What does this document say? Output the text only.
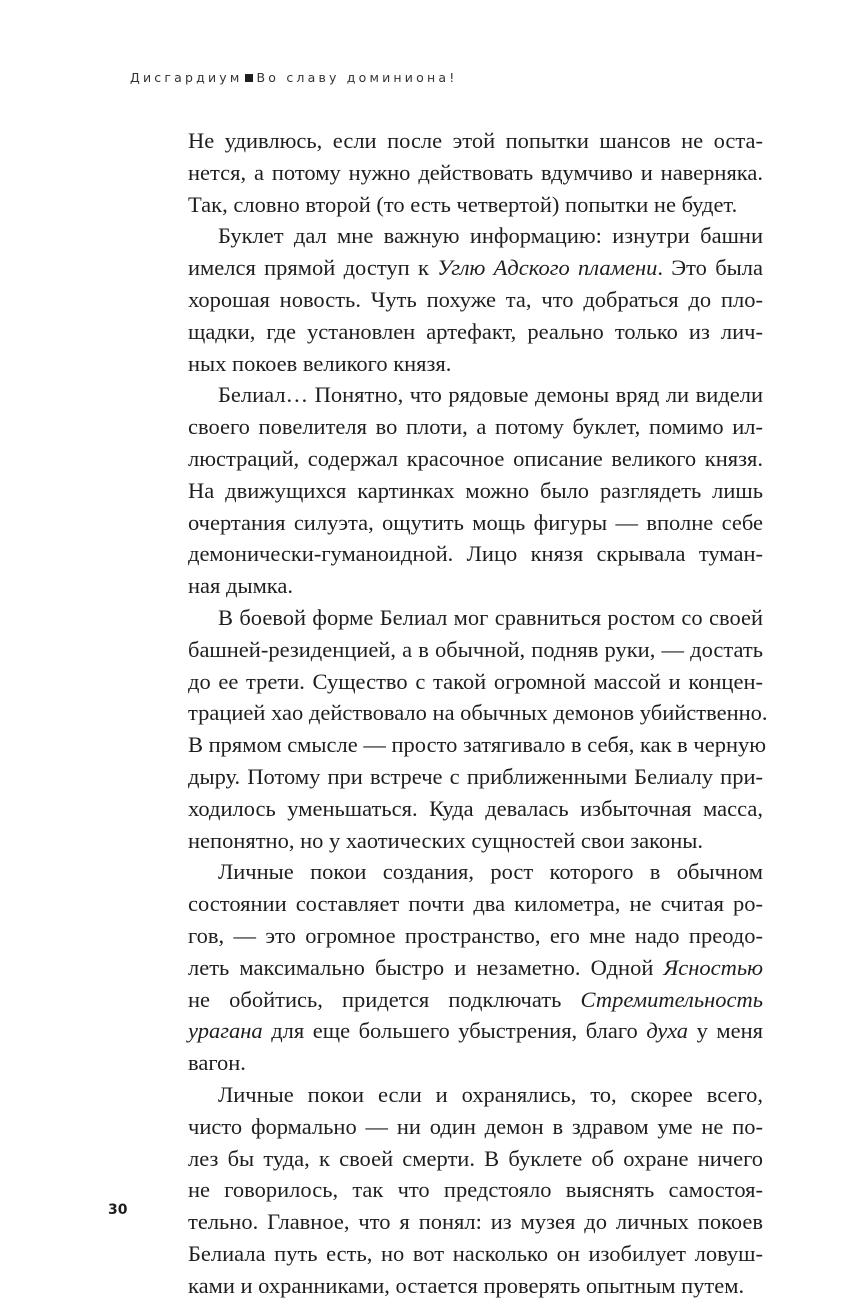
Дисгардиум Во славу доминиона!
Не удивлюсь, если после этой попытки шансов не оста-
нется, а потому нужно действовать вдумчиво и наверняка.
Так, словно второй (то есть четвертой) попытки не будет.
Буклет дал мне важную информацию: изнутри башни
имелся прямой доступ к Углю Адского пламени. Это была
хорошая новость. Чуть похуже та, что добраться до пло-
щадки, где установлен артефакт, реально только из лич-
ных покоев великого князя.
Белиал… Понятно, что рядовые демоны вряд ли видели
своего повелителя во плоти, а потому буклет, помимо ил-
люстраций, содержал красочное описание великого князя.
На движущихся картинках можно было разглядеть лишь
очертания силуэта, ощутить мощь фигуры — вполне себе
демонически-гуманоидной. Лицо князя скрывала туман-
ная дымка.
В боевой форме Белиал мог сравниться ростом со своей
башней-резиденцией, а в обычной, подняв руки, — достать
до ее трети. Существо с такой огромной массой и концен-
трацией хао действовало на обычных демонов убийственно.
В прямом смысле — просто затягивало в себя, как в черную
дыру. Потому при встрече с приближенными Белиалу при-
ходилось уменьшаться. Куда девалась избыточная масса,
непонятно, но у хаотических сущностей свои законы.
Личные покои создания, рост которого в обычном
состоянии составляет почти два километра, не считая ро-
гов, — это огромное пространство, его мне надо преодо-
леть максимально быстро и незаметно. Одной Ясностью
не обойтись, придется подключать Стремительность
урагана для еще большего убыстрения, благо духа у меня
вагон.
Личные покои если и охранялись, то, скорее всего,
чисто формально — ни один демон в здравом уме не по-
лез бы туда, к своей смерти. В буклете об охране ничего
не говорилось, так что предстояло выяснять самостоя-
тельно. Главное, что я понял: из музея до личных покоев
Белиала путь есть, но вот насколько он изобилует ловуш-
ками и охранниками, остается проверять опытным путем.
30
